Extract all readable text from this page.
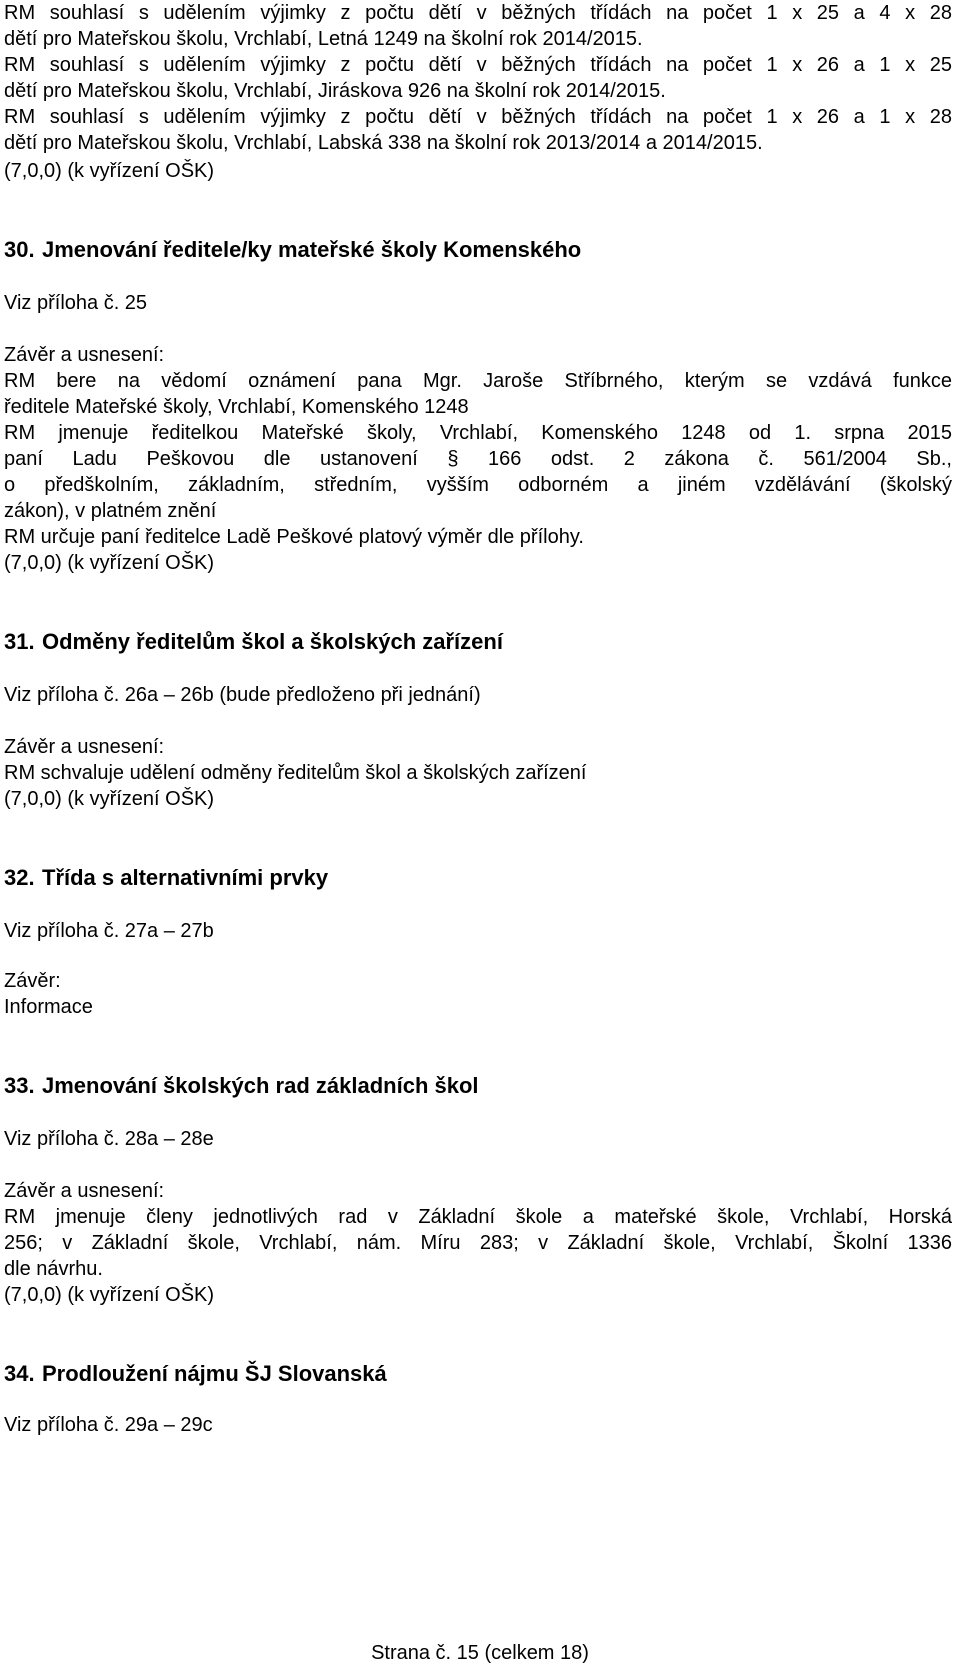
RM souhlasí s udělením výjimky z počtu dětí v běžných třídách na počet 1 x 25 a 4 x 28
dětí pro Mateřskou školu, Vrchlabí, Letná 1249 na školní rok 2014/2015.
RM souhlasí s udělením výjimky z počtu dětí v běžných třídách na počet 1 x 26 a 1 x 25
dětí pro Mateřskou školu, Vrchlabí, Jiráskova 926 na školní rok 2014/2015.
RM souhlasí s udělením výjimky z počtu dětí v běžných třídách na počet 1 x 26 a 1 x 28
dětí pro Mateřskou školu, Vrchlabí, Labská 338 na školní rok 2013/2014 a 2014/2015.
(7,0,0) (k vyřízení OŠK)
30. Jmenování ředitele/ky mateřské školy Komenského
Viz příloha č. 25
Závěr a usnesení:
RM bere na vědomí oznámení pana Mgr. Jaroše Stříbrného, kterým se vzdává funkce
ředitele Mateřské školy, Vrchlabí, Komenského 1248
RM jmenuje ředitelkou Mateřské školy, Vrchlabí, Komenského 1248 od 1. srpna 2015
paní Ladu Peškovou dle ustanovení § 166 odst. 2 zákona č. 561/2004 Sb.,
o předškolním, základním, středním, vyšším odborném a jiném vzdělávání (školský
zákon), v platném znění
RM určuje paní ředitelce Ladě Peškové platový výměr dle přílohy.
(7,0,0) (k vyřízení OŠK)
31. Odměny ředitelům škol a školských zařízení
Viz příloha č. 26a – 26b (bude předloženo při jednání)
Závěr a usnesení:
RM schvaluje udělení odměny ředitelům škol a školských zařízení
(7,0,0) (k vyřízení OŠK)
32. Třída s alternativními prvky
Viz příloha č. 27a – 27b
Závěr:
Informace
33. Jmenování školských rad základních škol
Viz příloha č. 28a – 28e
Závěr a usnesení:
RM jmenuje členy jednotlivých rad v Základní škole a mateřské škole, Vrchlabí, Horská
256; v Základní škole, Vrchlabí, nám. Míru 283; v Základní škole, Vrchlabí, Školní 1336
dle návrhu.
(7,0,0) (k vyřízení OŠK)
34. Prodloužení nájmu ŠJ Slovanská
Viz příloha č. 29a – 29c
Strana č. 15 (celkem 18)
